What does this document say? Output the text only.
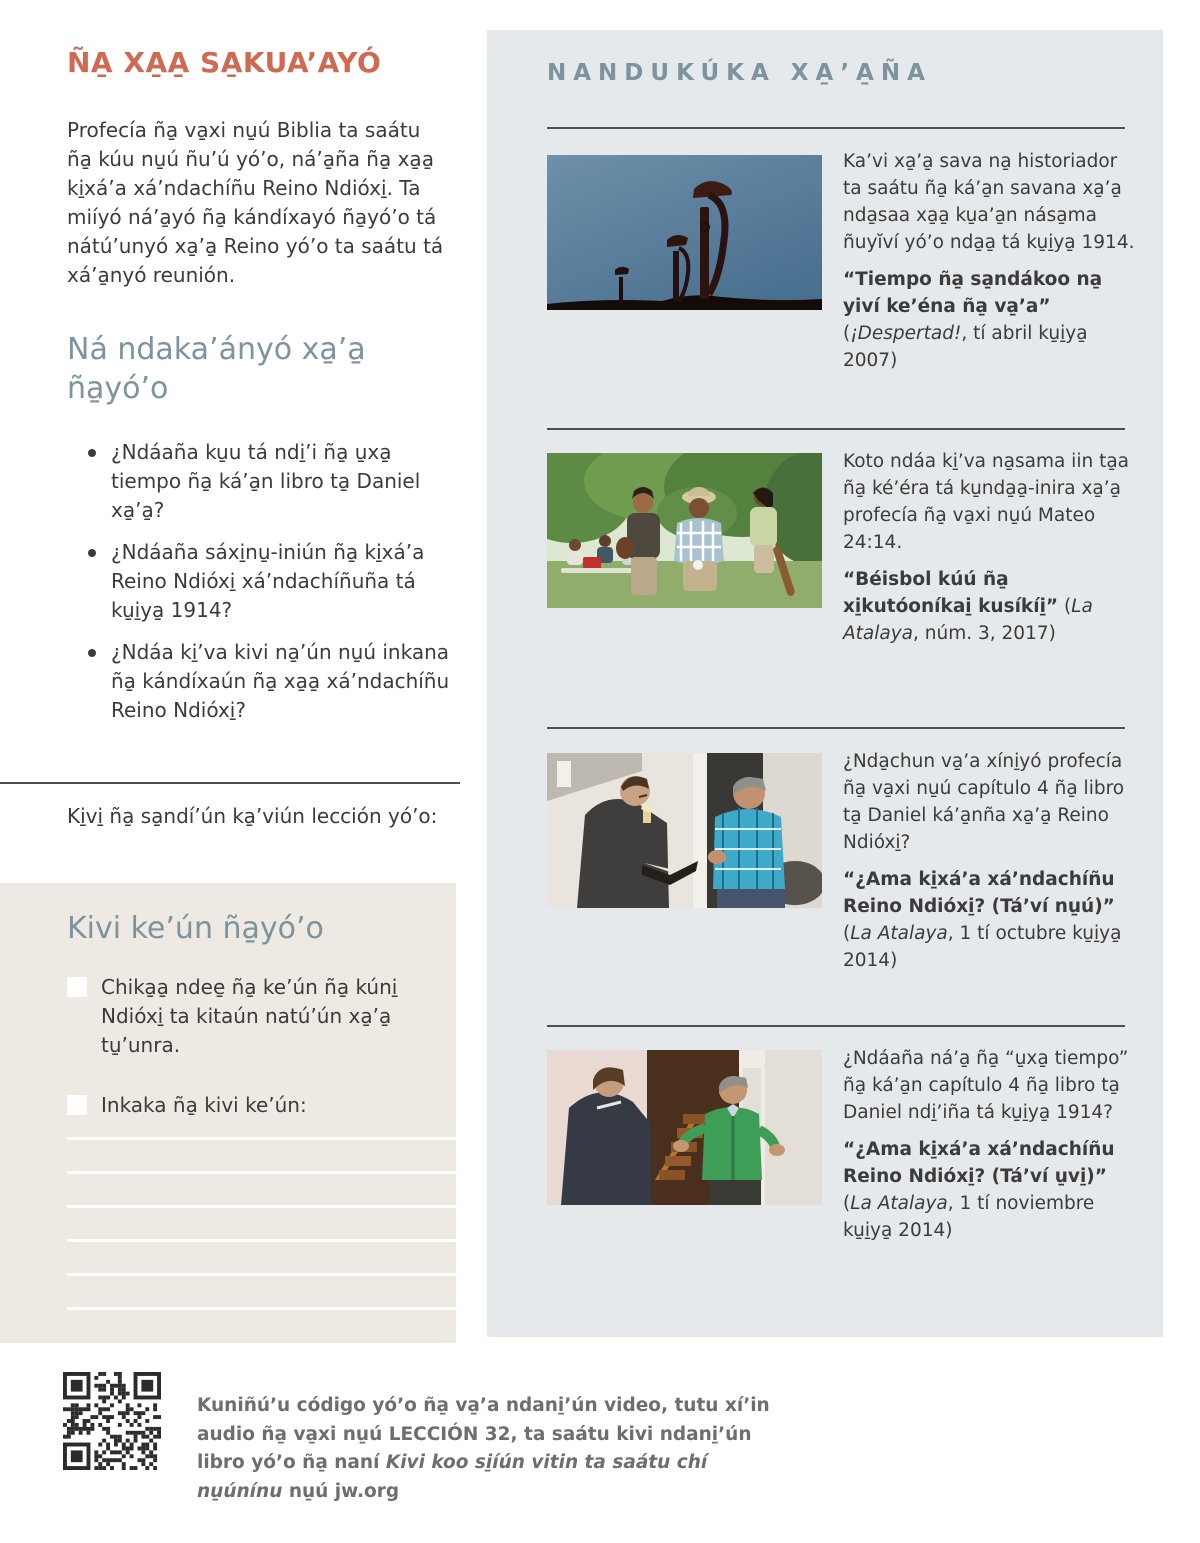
ÑA̱ XA̱A̱ SA̱KUA’AYÓ
Profecía ña̱ va̱xi nu̱ú Biblia ta saátu ña̱ kúu nu̱ú ñu’ú yó’o, ná’a̱ña ña̱ xa̱a̱ ki̱xá’a xá’ndachíñu Reino Ndióxi̱. Ta miíyó ná’a̱yó ña̱ kándíxayó ña̱yó’o tá nátú’unyó xa̱’a̱ Reino yó’o ta saátu tá xá’a̱nyó reunión.
Ná ndaka’ányó xa̱’a̱ ña̱yó’o
¿Ndáaña ku̱u tá ndi̱’i ña̱ u̱xa̱ tiempo ña̱ ká’a̱n libro ta̱ Daniel xa̱’a̱?
¿Ndáaña sáxi̱nu̱-iniún ña̱ ki̱xá’a Reino Ndióxi̱ xá’ndachíñuña tá ku̱i̱ya̱ 1914?
¿Ndáa ki̱’va kivi na̱’ún nu̱ú inkana ña̱ kándíxaún ña̱ xa̱a̱ xá’ndachíñu Reino Ndióxi̱?
Ki̱vi̱ ña̱ sa̱ndí’ún ka̱’viún lección yó’o:
Kivi ke’ún ña̱yó’o
Chika̱a̱ ndee̱ ña̱ ke’ún ña̱ kúni̱ Ndióxi̱ ta kitaún natú’ún xa̱’a̱ tu̱’unra.
Inkaka ña̱ kivi ke’ún:
NANDUKÚKA XA̱’A̱ÑA

Ka’vi xa̱’a̱ sava na̱ historiador ta saátu ña̱ ká’a̱n savana xa̱’a̱ nda̱saa xa̱a̱ ku̱a’a̱n nása̱ma ñuyĭví yó’o nda̱a̱ tá ku̱i̱ya̱ 1914.

“Tiempo ña̱ sa̱ndákoo na̱ yiví ke’éna ña̱ va̱’a” (¡Despertad!, tí abril ku̱i̱ya̱ 2007)

Koto ndáa ki̱’va na̱sama iin ta̱a ña̱ ké’éra tá ku̱nda̱a̱-inira xa̱’a̱ profecía ña̱ va̱xi nu̱ú Mateo 24:14.

“Béisbol kúú ña̱ xi̱kutóoníkai̱ kusíkíi̱” (La Atalaya, núm. 3, 2017)

¿Nda̱chun va̱’a xíni̱yó profecía ña̱ va̱xi nu̱ú capítulo 4 ña̱ libro ta̱ Daniel ká’a̱nña xa̱’a̱ Reino Ndióxi̱?

“¿Ama ki̱xá’a xá’ndachíñu Reino Ndióxi̱? (Tá’ví nu̱ú)” (La Atalaya, 1 tí octubre ku̱i̱ya̱ 2014)

¿Ndáaña ná’a̱ ña̱ “u̱xa̱ tiempo” ña̱ ká’a̱n capítulo 4 ña̱ libro ta̱ Daniel ndi̱’iña tá ku̱i̱ya̱ 1914?

“¿Ama ki̱xá’a xá’ndachíñu Reino Ndióxi̱? (Tá’ví u̱vi̱)” (La Atalaya, 1 tí noviembre ku̱i̱ya̱ 2014)

Kuniñú’u código yó’o ña̱ va̱’a ndani̱’ún video, tutu xí’in audio ña̱ va̱xi nu̱ú LECCIÓN 32, ta saátu kivi ndani̱’ún libro yó’o ña̱ naní Kivi koo si̱íún vitin ta saátu chí nu̱únínu nu̱ú jw.org
